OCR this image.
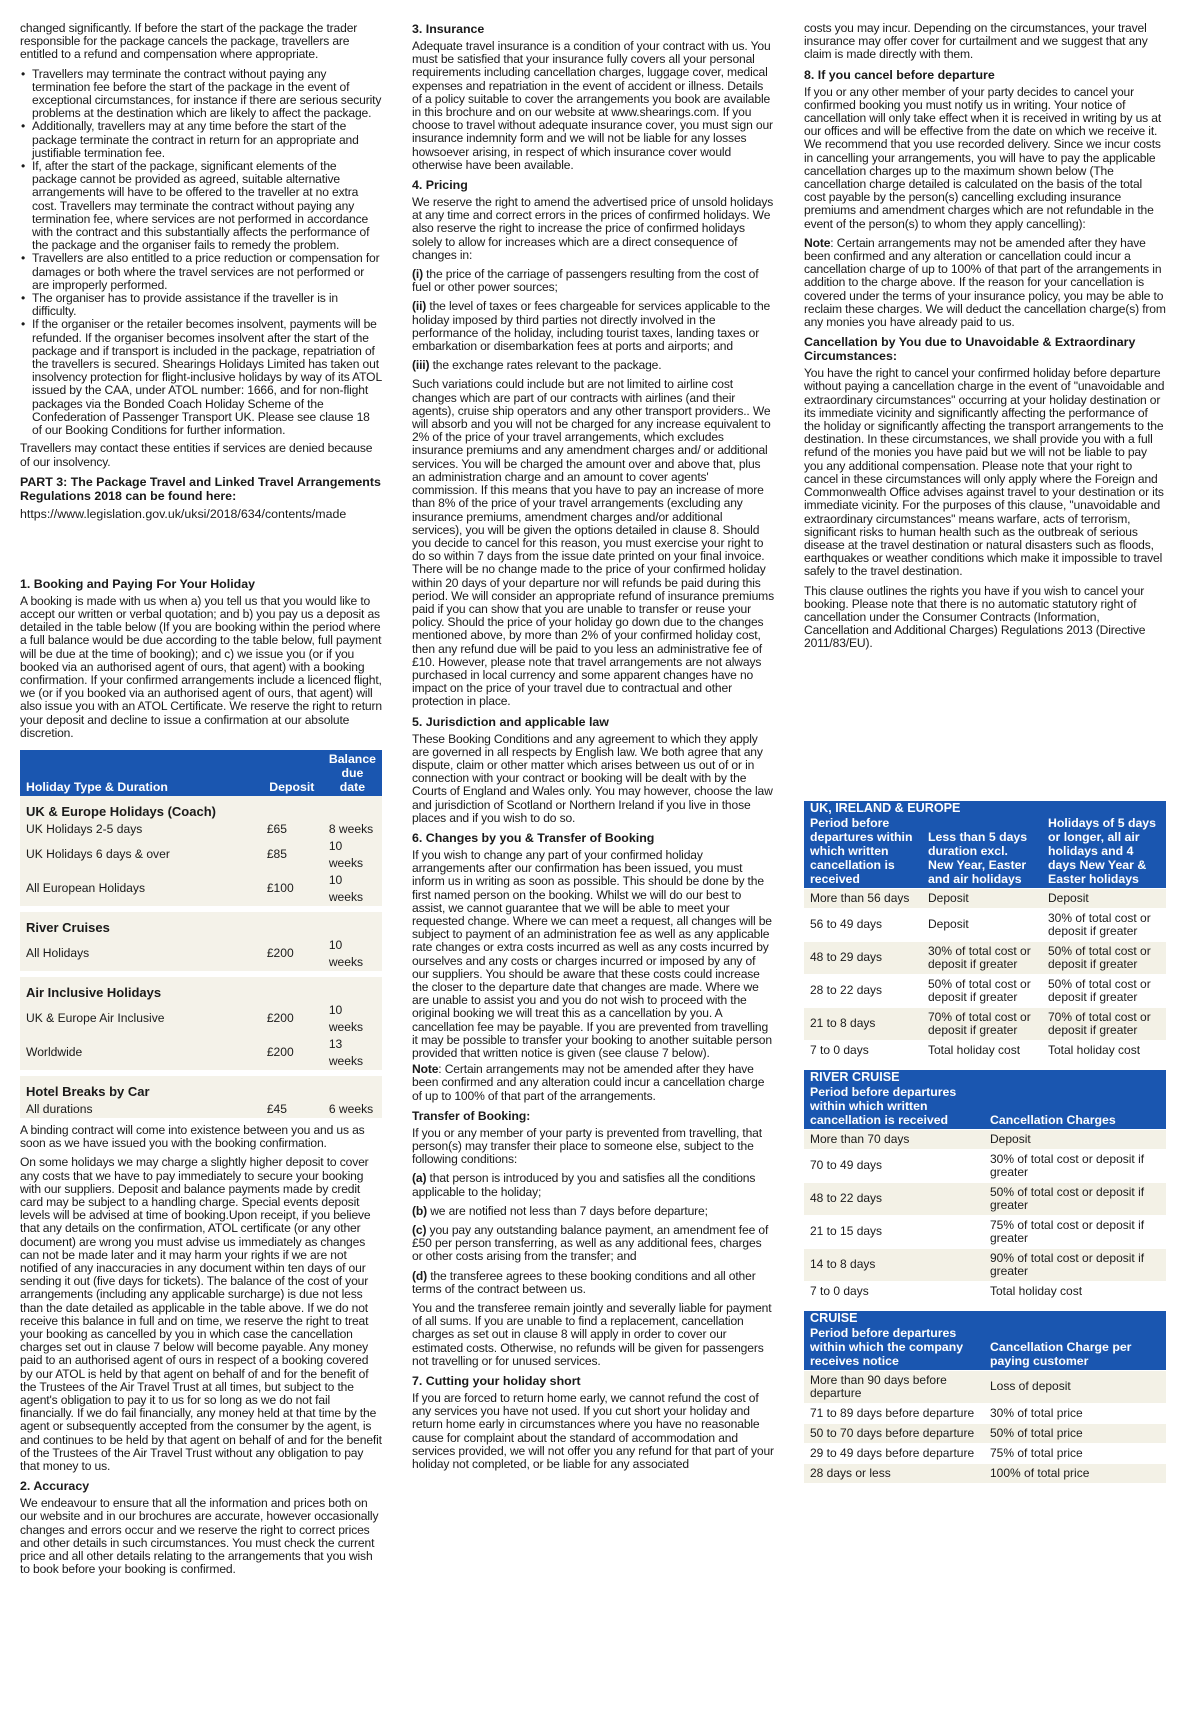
changed significantly. If before the start of the package the trader responsible for the package cancels the package, travellers are entitled to a refund and compensation where appropriate.

• Travellers may terminate the contract without paying any termination fee before the start of the package in the event of exceptional circumstances, for instance if there are serious security problems at the destination which are likely to affect the package.
• Additionally, travellers may at any time before the start of the package terminate the contract in return for an appropriate and justifiable termination fee.
• If, after the start of the package, significant elements of the package cannot be provided as agreed, suitable alternative arrangements will have to be offered to the traveller at no extra cost. Travellers may terminate the contract without paying any termination fee, where services are not performed in accordance with the contract and this substantially affects the performance of the package and the organiser fails to remedy the problem.
• Travellers are also entitled to a price reduction or compensation for damages or both where the travel services are not performed or are improperly performed.
• The organiser has to provide assistance if the traveller is in difficulty.
• If the organiser or the retailer becomes insolvent, payments will be refunded. If the organiser becomes insolvent after the start of the package and if transport is included in the package, repatriation of the travellers is secured. Shearings Holidays Limited has taken out insolvency protection for flight-inclusive holidays by way of its ATOL issued by the CAA, under ATOL number: 1666, and for non-flight packages via the Bonded Coach Holiday Scheme of the Confederation of Passenger Transport UK. Please see clause 18 of our Booking Conditions for further information.

Travellers may contact these entities if services are denied because of our insolvency.

PART 3: The Package Travel and Linked Travel Arrangements Regulations 2018 can be found here:

https://www.legislation.gov.uk/uksi/2018/634/contents/made

1. Booking and Paying For Your Holiday

A booking is made with us when a) you tell us that you would like to accept our written or verbal quotation; and b) you pay us a deposit as detailed in the table below (If you are booking within the period where a full balance would be due according to the table below, full payment will be due at the time of booking); and c) we issue you (or if you booked via an authorised agent of ours, that agent) with a booking confirmation. If your confirmed arrangements include a licenced flight, we (or if you booked via an authorised agent of ours, that agent) will also issue you with an ATOL Certificate. We reserve the right to return your deposit and decline to issue a confirmation at our absolute discretion.

Holiday Type & Duration	Deposit	Balance due date
UK & Europe Holidays (Coach)		
UK Holidays 2-5 days	£65	8 weeks
UK Holidays 6 days & over	£85	10 weeks
All European Holidays	£100	10 weeks

River Cruises		
All Holidays	£200	10 weeks

Air Inclusive Holidays		
UK & Europe Air Inclusive	£200	10 weeks
Worldwide	£200	13 weeks

Hotel Breaks by Car		
All durations	£45	6 weeks

A binding contract will come into existence between you and us as soon as we have issued you with the booking confirmation.

On some holidays we may charge a slightly higher deposit to cover any costs that we have to pay immediately to secure your booking with our suppliers. Deposit and balance payments made by credit card may be subject to a handling charge. Special events deposit levels will be advised at time of booking.Upon receipt, if you believe that any details on the confirmation, ATOL certificate (or any other document) are wrong you must advise us immediately as changes can not be made later and it may harm your rights if we are not notified of any inaccuracies in any document within ten days of our sending it out (five days for tickets). The balance of the cost of your arrangements (including any applicable surcharge) is due not less than the date detailed as applicable in the table above. If we do not receive this balance in full and on time, we reserve the right to treat your booking as cancelled by you in which case the cancellation charges set out in clause 7 below will become payable. Any money paid to an authorised agent of ours in respect of a booking covered by our ATOL is held by that agent on behalf of and for the benefit of the Trustees of the Air Travel Trust at all times, but subject to the agent's obligation to pay it to us for so long as we do not fail financially. If we do fail financially, any money held at that time by the agent or subsequently accepted from the consumer by the agent, is and continues to be held by that agent on behalf of and for the benefit of the Trustees of the Air Travel Trust without any obligation to pay that money to us.

2. Accuracy

We endeavour to ensure that all the information and prices both on our website and in our brochures are accurate, however occasionally changes and errors occur and we reserve the right to correct prices and other details in such circumstances. You must check the current price and all other details relating to the arrangements that you wish to book before your booking is confirmed.

3. Insurance

Adequate travel insurance is a condition of your contract with us. You must be satisfied that your insurance fully covers all your personal requirements including cancellation charges, luggage cover, medical expenses and repatriation in the event of accident or illness. Details of a policy suitable to cover the arrangements you book are available in this brochure and on our website at www.shearings.com. If you choose to travel without adequate insurance cover, you must sign our insurance indemnity form and we will not be liable for any losses howsoever arising, in respect of which insurance cover would otherwise have been available.

4. Pricing

We reserve the right to amend the advertised price of unsold holidays at any time and correct errors in the prices of confirmed holidays. We also reserve the right to increase the price of confirmed holidays solely to allow for increases which are a direct consequence of changes in:

(i) the price of the carriage of passengers resulting from the cost of fuel or other power sources;

(ii) the level of taxes or fees chargeable for services applicable to the holiday imposed by third parties not directly involved in the performance of the holiday, including tourist taxes, landing taxes or embarkation or disembarkation fees at ports and airports; and

(iii) the exchange rates relevant to the package.

Such variations could include but are not limited to airline cost changes which are part of our contracts with airlines (and their agents), cruise ship operators and any other transport providers.. We will absorb and you will not be charged for any increase equivalent to 2% of the price of your travel arrangements, which excludes insurance premiums and any amendment charges and/ or additional services. You will be charged the amount over and above that, plus an administration charge and an amount to cover agents' commission. If this means that you have to pay an increase of more than 8% of the price of your travel arrangements (excluding any insurance premiums, amendment charges and/or additional services), you will be given the options detailed in clause 8. Should you decide to cancel for this reason, you must exercise your right to do so within 7 days from the issue date printed on your final invoice. There will be no change made to the price of your confirmed holiday within 20 days of your departure nor will refunds be paid during this period. We will consider an appropriate refund of insurance premiums paid if you can show that you are unable to transfer or reuse your policy. Should the price of your holiday go down due to the changes mentioned above, by more than 2% of your confirmed holiday cost, then any refund due will be paid to you less an administrative fee of £10. However, please note that travel arrangements are not always purchased in local currency and some apparent changes have no impact on the price of your travel due to contractual and other protection in place.

5. Jurisdiction and applicable law

These Booking Conditions and any agreement to which they apply are governed in all respects by English law. We both agree that any dispute, claim or other matter which arises between us out of or in connection with your contract or booking will be dealt with by the Courts of England and Wales only. You may however, choose the law and jurisdiction of Scotland or Northern Ireland if you live in those places and if you wish to do so.

6. Changes by you & Transfer of Booking

If you wish to change any part of your confirmed holiday arrangements after our confirmation has been issued, you must inform us in writing as soon as possible. This should be done by the first named person on the booking. Whilst we will do our best to assist, we cannot guarantee that we will be able to meet your requested change. Where we can meet a request, all changes will be subject to payment of an administration fee as well as any applicable rate changes or extra costs incurred as well as any costs incurred by ourselves and any costs or charges incurred or imposed by any of our suppliers. You should be aware that these costs could increase the closer to the departure date that changes are made. Where we are unable to assist you and you do not wish to proceed with the original booking we will treat this as a cancellation by you. A cancellation fee may be payable. If you are prevented from travelling it may be possible to transfer your booking to another suitable person provided that written notice is given (see clause 7 below).

Note: Certain arrangements may not be amended after they have been confirmed and any alteration could incur a cancellation charge of up to 100% of that part of the arrangements.

Transfer of Booking:

If you or any member of your party is prevented from travelling, that person(s) may transfer their place to someone else, subject to the following conditions:

(a) that person is introduced by you and satisfies all the conditions applicable to the holiday;

(b) we are notified not less than 7 days before departure;

(c) you pay any outstanding balance payment, an amendment fee of £50 per person transferring, as well as any additional fees, charges or other costs arising from the transfer; and

(d) the transferee agrees to these booking conditions and all other terms of the contract between us.

You and the transferee remain jointly and severally liable for payment of all sums. If you are unable to find a replacement, cancellation charges as set out in clause 8 will apply in order to cover our estimated costs. Otherwise, no refunds will be given for passengers not travelling or for unused services.

7. Cutting your holiday short

If you are forced to return home early, we cannot refund the cost of any services you have not used. If you cut short your holiday and return home early in circumstances where you have no reasonable cause for complaint about the standard of accommodation and services provided, we will not offer you any refund for that part of your holiday not completed, or be liable for any associated

costs you may incur. Depending on the circumstances, your travel insurance may offer cover for curtailment and we suggest that any claim is made directly with them.

8. If you cancel before departure

If you or any other member of your party decides to cancel your confirmed booking you must notify us in writing. Your notice of cancellation will only take effect when it is received in writing by us at our offices and will be effective from the date on which we receive it. We recommend that you use recorded delivery. Since we incur costs in cancelling your arrangements, you will have to pay the applicable cancellation charges up to the maximum shown below (The cancellation charge detailed is calculated on the basis of the total cost payable by the person(s) cancelling excluding insurance premiums and amendment charges which are not refundable in the event of the person(s) to whom they apply cancelling):

Note: Certain arrangements may not be amended after they have been confirmed and any alteration or cancellation could incur a cancellation charge of up to 100% of that part of the arrangements in addition to the charge above. If the reason for your cancellation is covered under the terms of your insurance policy, you may be able to reclaim these charges. We will deduct the cancellation charge(s) from any monies you have already paid to us.

Cancellation by You due to Unavoidable & Extraordinary Circumstances:

You have the right to cancel your confirmed holiday before departure without paying a cancellation charge in the event of "unavoidable and extraordinary circumstances" occurring at your holiday destination or its immediate vicinity and significantly affecting the performance of the holiday or significantly affecting the transport arrangements to the destination. In these circumstances, we shall provide you with a full refund of the monies you have paid but we will not be liable to pay you any additional compensation. Please note that your right to cancel in these circumstances will only apply where the Foreign and Commonwealth Office advises against travel to your destination or its immediate vicinity. For the purposes of this clause, "unavoidable and extraordinary circumstances" means warfare, acts of terrorism, significant risks to human health such as the outbreak of serious disease at the travel destination or natural disasters such as floods, earthquakes or weather conditions which make it impossible to travel safely to the travel destination.

This clause outlines the rights you have if you wish to cancel your booking. Please note that there is no automatic statutory right of cancellation under the Consumer Contracts (Information, Cancellation and Additional Charges) Regulations 2013 (Directive 2011/83/EU).

UK, IRELAND & EUROPE		
Period before departures within which written cancellation is received	Less than 5 days duration excl. New Year, Easter and air holidays	Holidays of 5 days or longer, all air holidays and 4 days New Year & Easter holidays
More than 56 days	Deposit	Deposit
56 to 49 days	Deposit	30% of total cost or deposit if greater
48 to 29 days	30% of total cost or deposit if greater	50% of total cost or deposit if greater
28 to 22 days	50% of total cost or deposit if greater	50% of total cost or deposit if greater
21 to 8 days	70% of total cost or deposit if greater	70% of total cost or deposit if greater
7 to 0 days	Total holiday cost	Total holiday cost
RIVER CRUISE	
Period before departures within which written cancellation is received	Cancellation Charges
More than 70 days	Deposit
70 to 49 days	30% of total cost or deposit if greater
48 to 22 days	50% of total cost or deposit if greater
21 to 15 days	75% of total cost or deposit if greater
14 to 8 days	90% of total cost or deposit if greater
7 to 0 days	Total holiday cost
CRUISE	
Period before departures within which the company receives notice	Cancellation Charge per paying customer
More than 90 days before departure	Loss of deposit
71 to 89 days before departure	30% of total price
50 to 70 days before departure	50% of total price
29 to 49 days before departure	75% of total price
28 days or less	100% of total price
